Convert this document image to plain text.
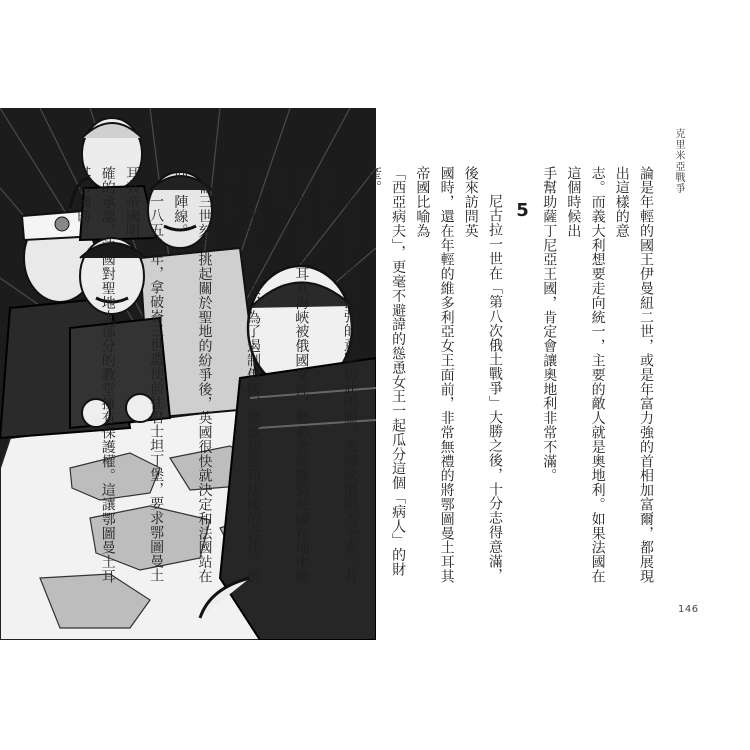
克里米亞戰爭

論是年輕的國王伊曼紐二世，或是年富力強的首相加富爾，都展現出這樣的意

志。而義大利想要走向統一，主要的敵人就是奧地利。如果法國在這個時候出

手幫助薩丁尼亞王國，肯定會讓奧地利非常不滿。

5

尼古拉一世在「第八次俄土戰爭」大勝之後，十分志得意滿，後來訪問英

國時，還在年輕的維多利亞女王面前，非常無禮的將鄂圖曼土耳其帝國比喻為

「西亞病夫」，更毫不避諱的慫恿女王一起瓜分這個「病人」的財產。

眼看俄國在近東擴張的意圖如此明顯，英國政壇陷入不安：若做為亞洲

和歐洲分界的土耳其海峽被俄國掌控，勢必會影響到英國在地中海的勢力。

因此，很多人都主張，為了遏制俄國，應該加強和法國的合作。於是，在拿

破崙三世刻意挑起關於聖地的紛爭後，英國很快就決定和法國站在同一陣線。

一八五〇年，拿破崙三世遣使前往君士坦丁堡，要求鄂圖曼土耳其帝國明

確的承認，法國對聖地大部分的教堂擁有保護權。這讓鄂圖曼土耳其帝國時

146
